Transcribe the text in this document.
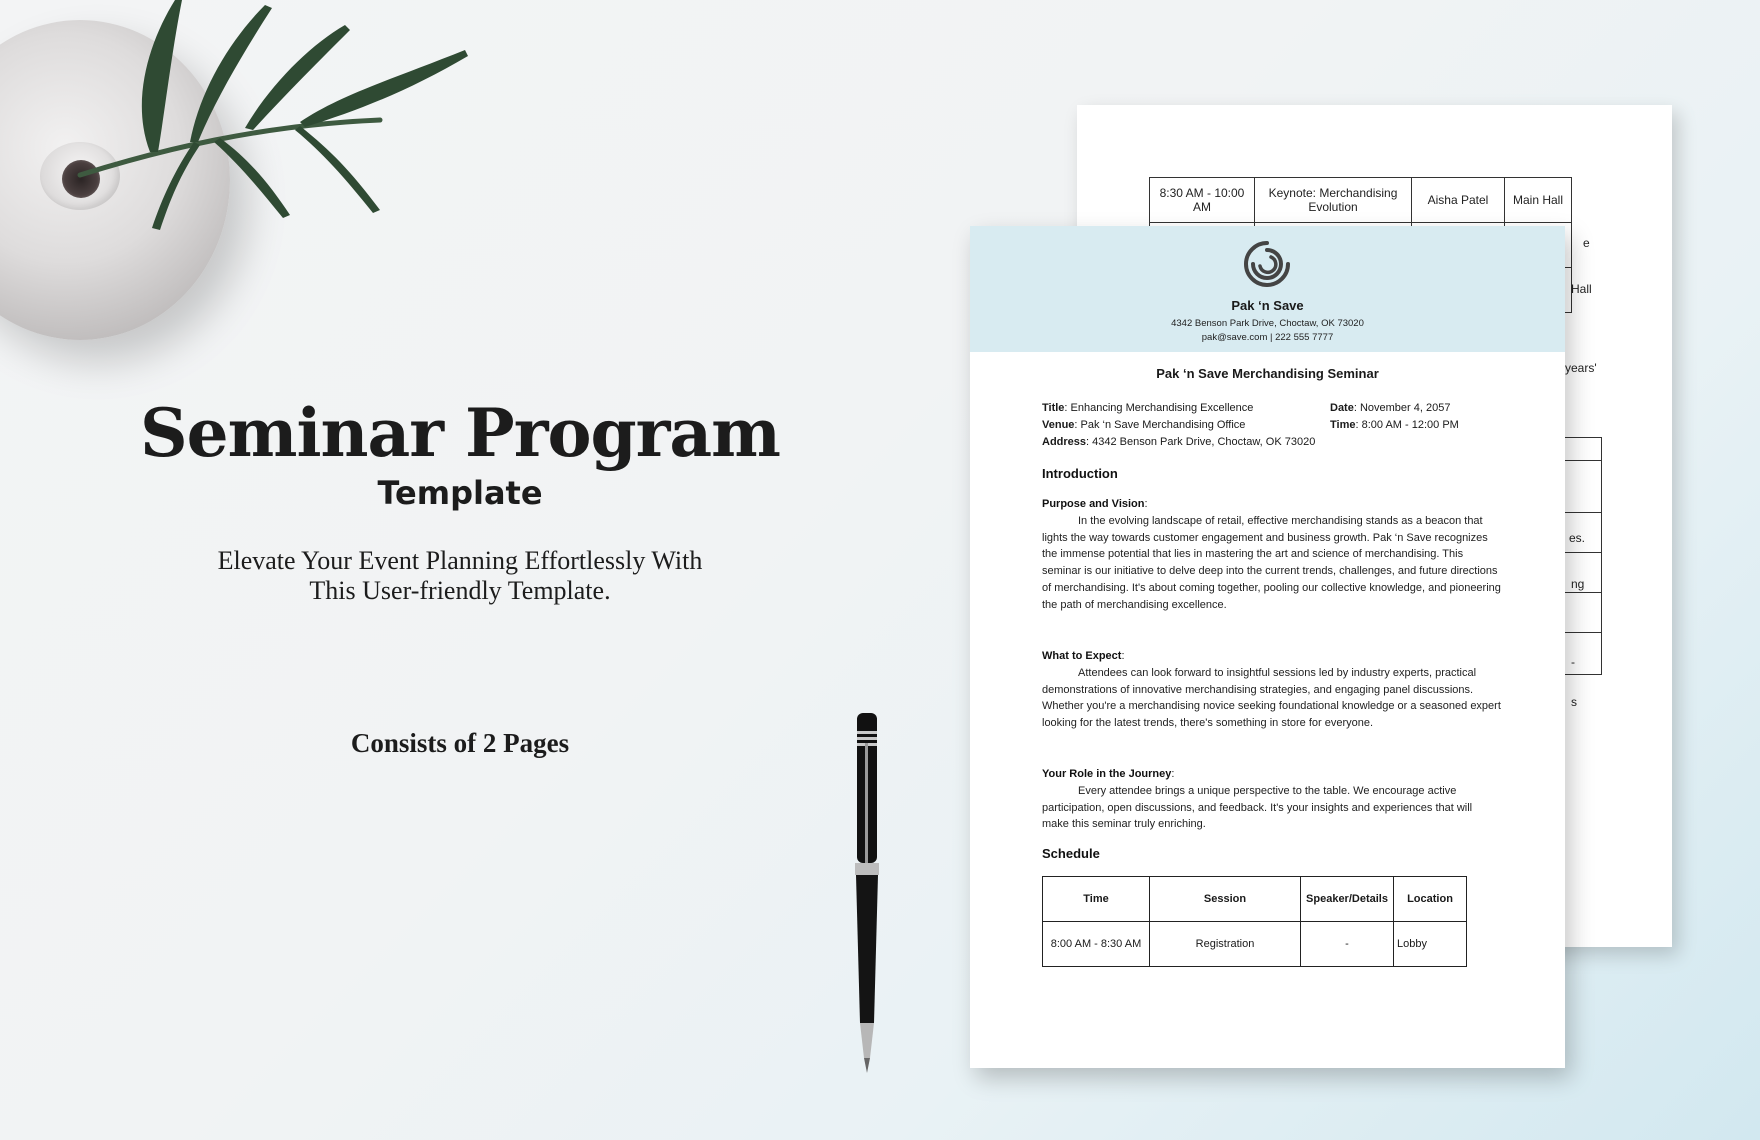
Seminar Program
Template
Elevate Your Event Planning Effortlessly With
This User-friendly Template.
Consists of 2 Pages
8:30 AM - 10:00 AM	Keynote: Merchandising Evolution	Aisha Patel	Main Hall

e
Hall
years'
es.
ng
-
s
Pak ‘n Save
4342 Benson Park Drive, Choctaw, OK 73020
pak@save.com | 222 555 7777
Pak ‘n Save Merchandising Seminar
Title: Enhancing Merchandising Excellence	Date: November 4, 2057
Venue: Pak ‘n Save Merchandising Office	Time: 8:00 AM - 12:00 PM
Address: 4342 Benson Park Drive, Choctaw, OK 73020
Introduction
Purpose and Vision:

In the evolving landscape of retail, effective merchandising stands as a beacon that lights the way towards customer engagement and business growth. Pak ‘n Save recognizes the immense potential that lies in mastering the art and science of merchandising. This seminar is our initiative to delve deep into the current trends, challenges, and future directions of merchandising. It's about coming together, pooling our collective knowledge, and pioneering the path of merchandising excellence.

What to Expect:

Attendees can look forward to insightful sessions led by industry experts, practical demonstrations of innovative merchandising strategies, and engaging panel discussions. Whether you're a merchandising novice seeking foundational knowledge or a seasoned expert looking for the latest trends, there's something in store for everyone.

Your Role in the Journey:

Every attendee brings a unique perspective to the table. We encourage active participation, open discussions, and feedback. It's your insights and experiences that will make this seminar truly enriching.

Schedule
Time	Session	Speaker/Details	Location
8:00 AM - 8:30 AM	Registration	-	Lobby
